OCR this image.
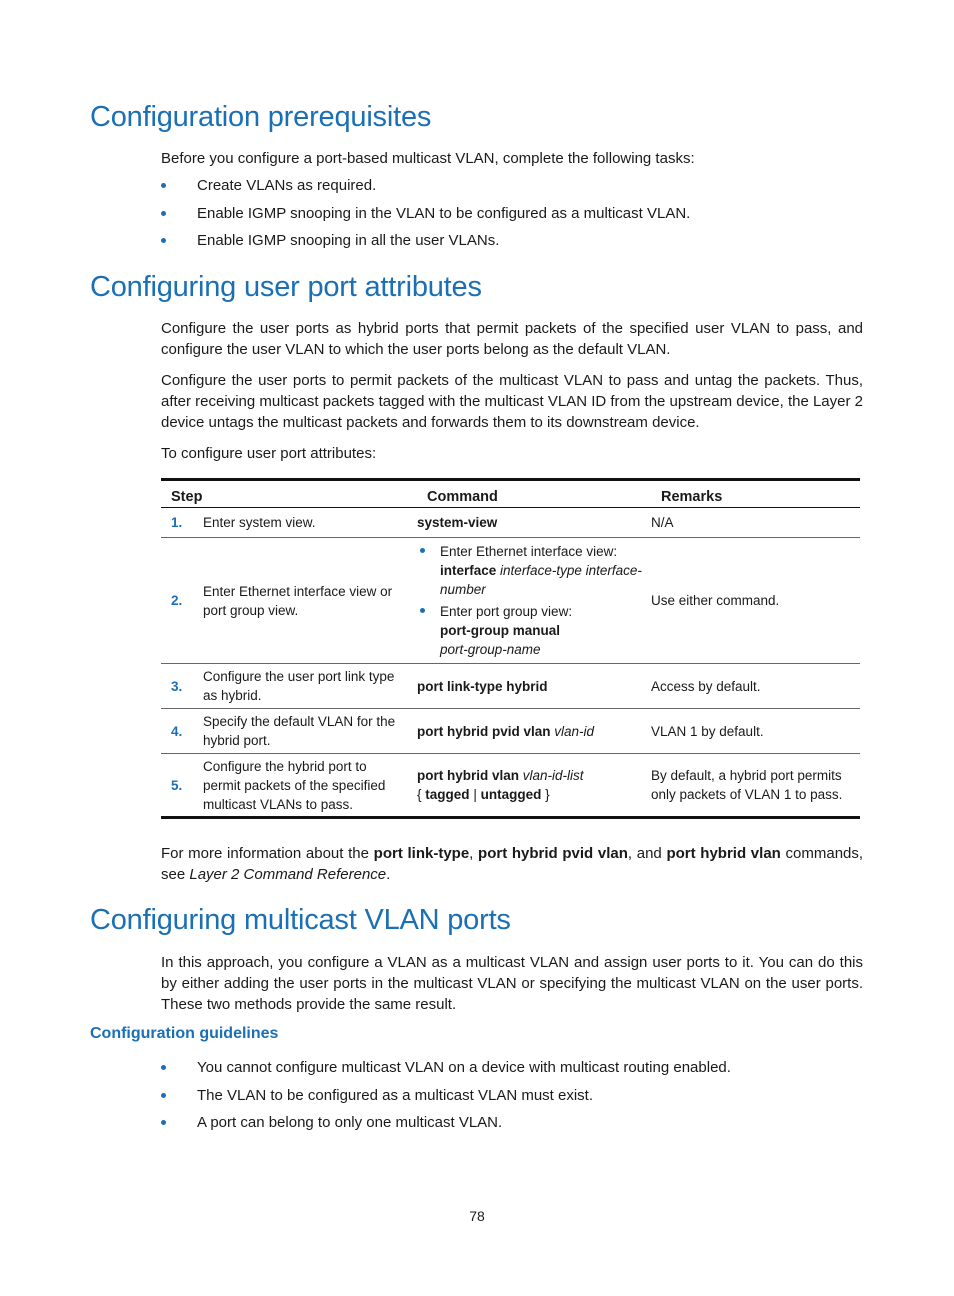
Configuration prerequisites

Before you configure a port-based multicast VLAN, complete the following tasks:

Create VLANs as required.
Enable IGMP snooping in the VLAN to be configured as a multicast VLAN.
Enable IGMP snooping in all the user VLANs.
Configuring user port attributes

Configure the user ports as hybrid ports that permit packets of the specified user VLAN to pass, and configure the user VLAN to which the user ports belong as the default VLAN.

Configure the user ports to permit packets of the multicast VLAN to pass and untag the packets. Thus, after receiving multicast packets tagged with the multicast VLAN ID from the upstream device, the Layer 2 device untags the multicast packets and forwards them to its downstream device.

To configure user port attributes:

Step		Command	Remarks
1.	Enter system view.	system-view	N/A
2.	Enter Ethernet interface view or port group view.	Enter Ethernet interface view:
interface interface-type interface-number
Enter port group view:
port-group manual
port-group-name	Use either command.
3.	Configure the user port link type as hybrid.	port link-type hybrid	Access by default.
4.	Specify the default VLAN for the hybrid port.	port hybrid pvid vlan vlan-id	VLAN 1 by default.
5.	Configure the hybrid port to permit packets of the specified multicast VLANs to pass.	port hybrid vlan vlan-id-list
{ tagged | untagged }	By default, a hybrid port permits only packets of VLAN 1 to pass.

For more information about the port link-type, port hybrid pvid vlan, and port hybrid vlan commands, see Layer 2 Command Reference.

Configuring multicast VLAN ports

In this approach, you configure a VLAN as a multicast VLAN and assign user ports to it. You can do this by either adding the user ports in the multicast VLAN or specifying the multicast VLAN on the user ports. These two methods provide the same result.

Configuration guidelines
You cannot configure multicast VLAN on a device with multicast routing enabled.
The VLAN to be configured as a multicast VLAN must exist.
A port can belong to only one multicast VLAN.
78
